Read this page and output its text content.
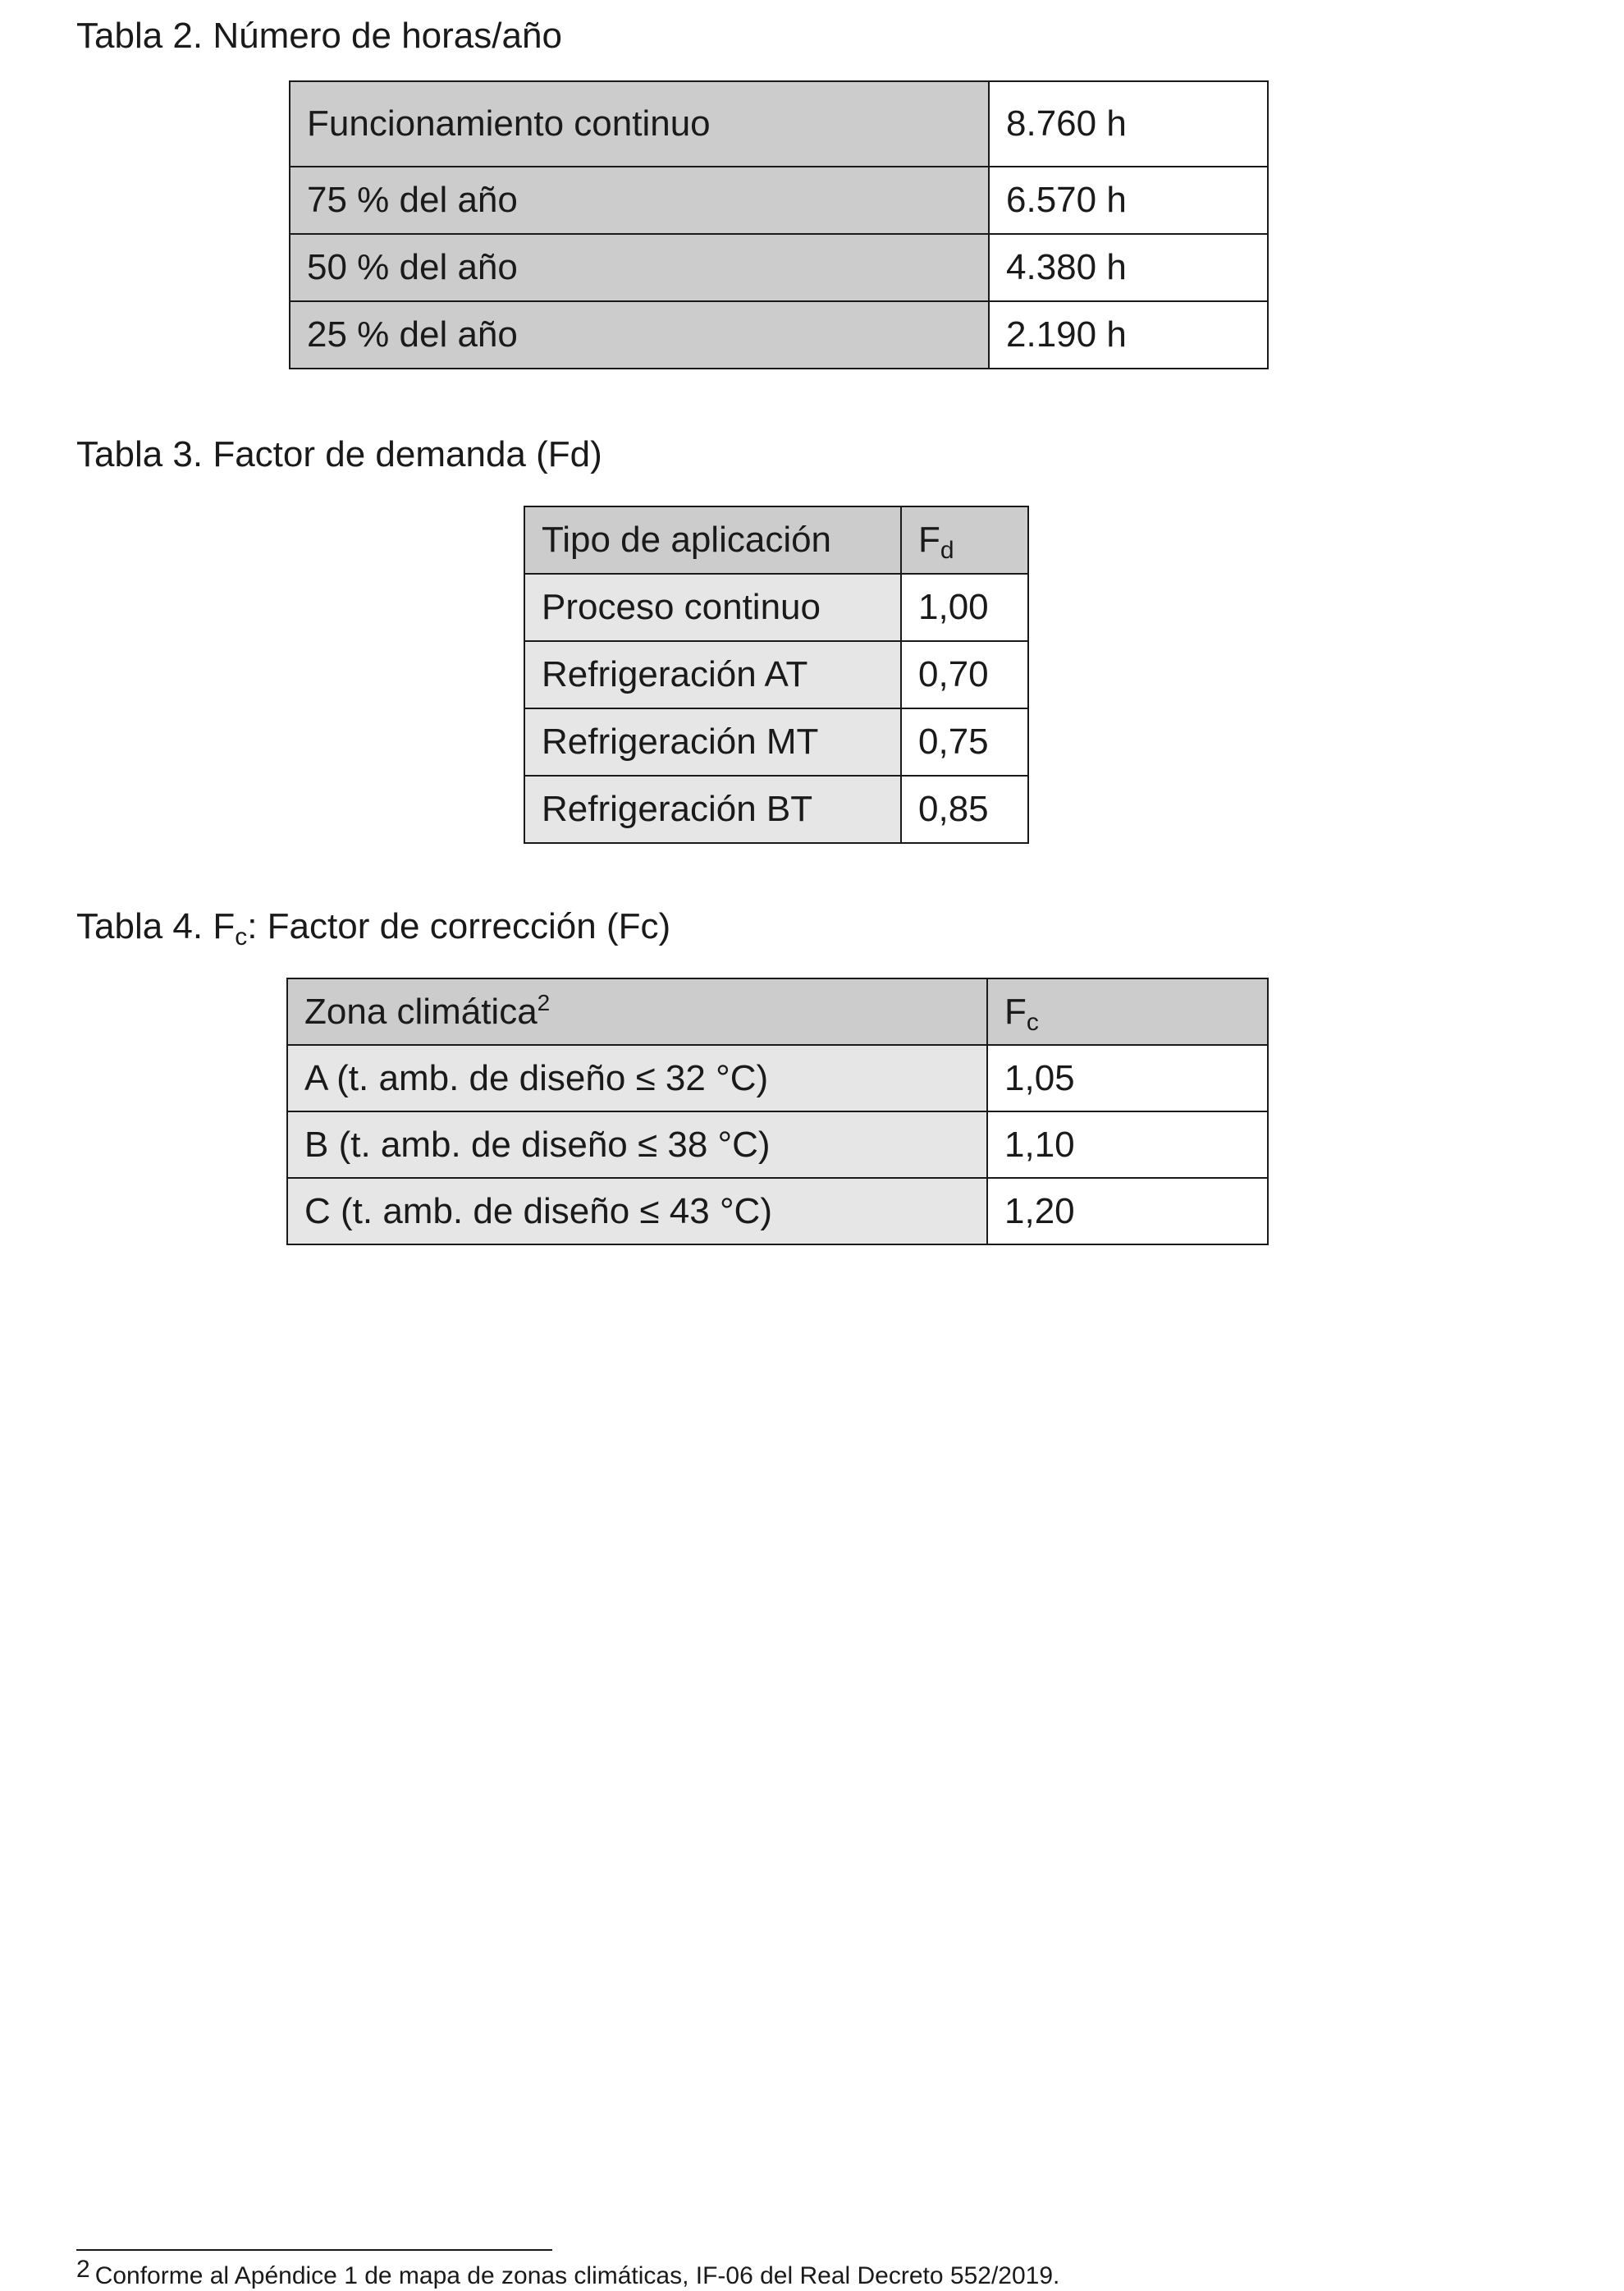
Tabla 2. Número de horas/año
Funcionamiento continuo	8.760 h
75 % del año	6.570 h
50 % del año	4.380 h
25 % del año	2.190 h
Tabla 3. Factor de demanda (Fd)
Tipo de aplicación	Fd
Proceso continuo	1,00
Refrigeración AT	0,70
Refrigeración MT	0,75
Refrigeración BT	0,85
Tabla 4. Fc: Factor de corrección (Fc)
Zona climática$^2$	Fc
A (t. amb. de diseño ≤ 32 °C)	1,05
B (t. amb. de diseño ≤ 38 °C)	1,10
C (t. amb. de diseño ≤ 43 °C)	1,20
2 Conforme al Apéndice 1 de mapa de zonas climáticas, IF-06 del Real Decreto 552/2019.
